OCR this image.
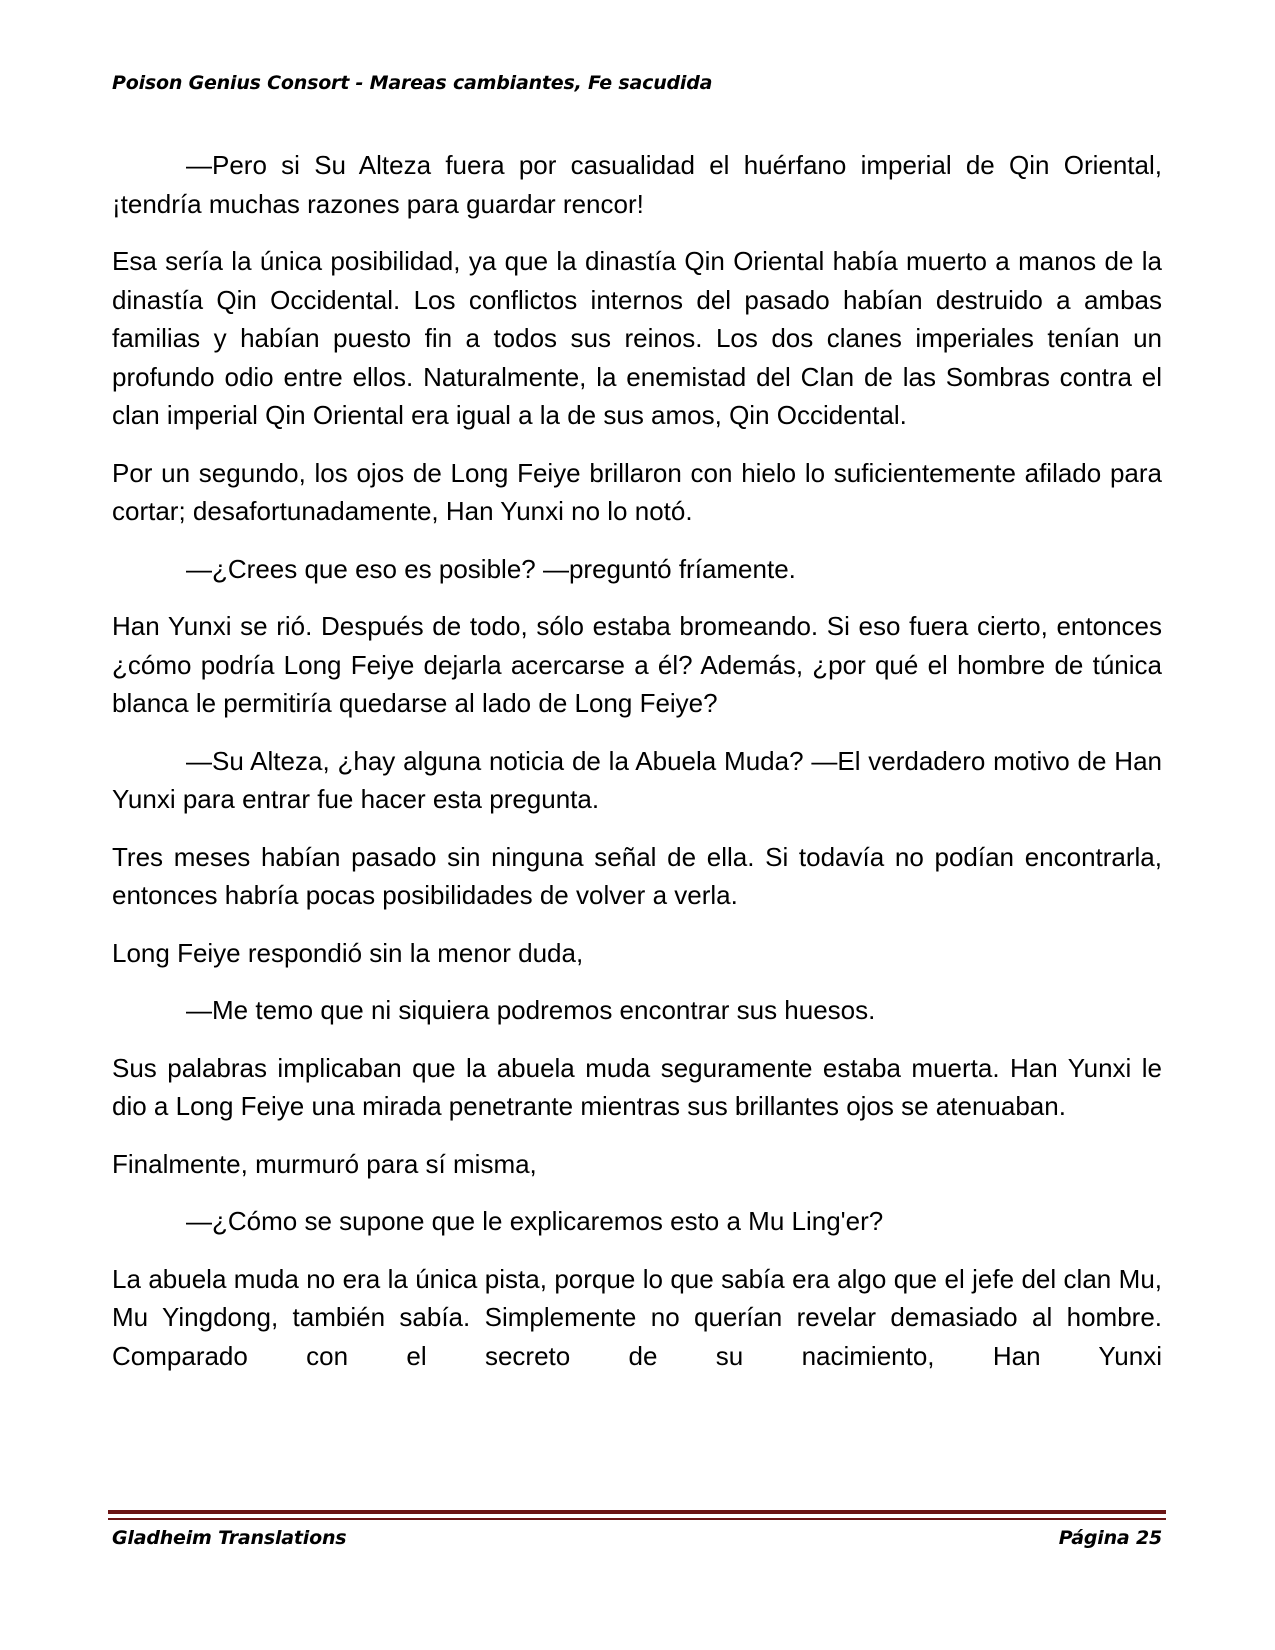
Poison Genius Consort - Mareas cambiantes, Fe sacudida

—Pero si Su Alteza fuera por casualidad el huérfano imperial de Qin Oriental, ¡tendría muchas razones para guardar rencor!

Esa sería la única posibilidad, ya que la dinastía Qin Oriental había muerto a manos de la dinastía Qin Occidental. Los conflictos internos del pasado habían destruido a ambas familias y habían puesto fin a todos sus reinos. Los dos clanes imperiales tenían un profundo odio entre ellos. Naturalmente, la enemistad del Clan de las Sombras contra el clan imperial Qin Oriental era igual a la de sus amos, Qin Occidental.

Por un segundo, los ojos de Long Feiye brillaron con hielo lo suficientemente afilado para cortar; desafortunadamente, Han Yunxi no lo notó.

—¿Crees que eso es posible? —preguntó fríamente.

Han Yunxi se rió. Después de todo, sólo estaba bromeando. Si eso fuera cierto, entonces ¿cómo podría Long Feiye dejarla acercarse a él? Además, ¿por qué el hombre de túnica blanca le permitiría quedarse al lado de Long Feiye?

—Su Alteza, ¿hay alguna noticia de la Abuela Muda? —El verdadero motivo de Han Yunxi para entrar fue hacer esta pregunta.

Tres meses habían pasado sin ninguna señal de ella. Si todavía no podían encontrarla, entonces habría pocas posibilidades de volver a verla.

Long Feiye respondió sin la menor duda,

—Me temo que ni siquiera podremos encontrar sus huesos.

Sus palabras implicaban que la abuela muda seguramente estaba muerta. Han Yunxi le dio a Long Feiye una mirada penetrante mientras sus brillantes ojos se atenuaban.

Finalmente, murmuró para sí misma,

—¿Cómo se supone que le explicaremos esto a Mu Ling'er?

La abuela muda no era la única pista, porque lo que sabía era algo que el jefe del clan Mu, Mu Yingdong, también sabía. Simplemente no querían revelar demasiado al hombre. Comparado con el secreto de su nacimiento, Han Yunxi

Gladheim Translations	Página 25
